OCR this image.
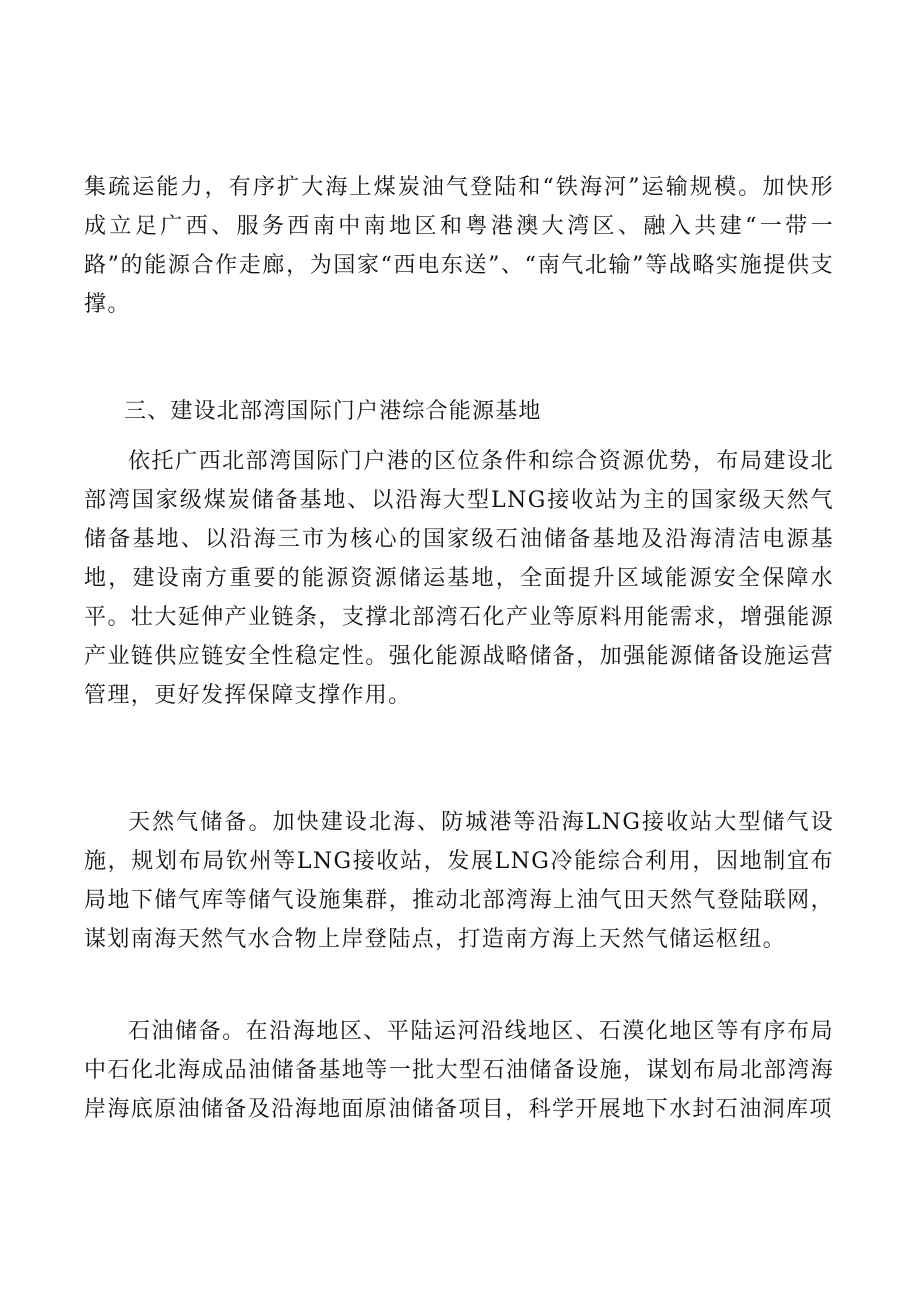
集疏运能力，有序扩大海上煤炭油气登陆和“铁海河”运输规模。加快形成立足广西、服务西南中南地区和粤港澳大湾区、融入共建“一带一路”的能源合作走廊，为国家“西电东送”、“南气北输”等战略实施提供支撑。

三、建设北部湾国际门户港综合能源基地

依托广西北部湾国际门户港的区位条件和综合资源优势，布局建设北部湾国家级煤炭储备基地、以沿海大型LNG接收站为主的国家级天然气储备基地、以沿海三市为核心的国家级石油储备基地及沿海清洁电源基地，建设南方重要的能源资源储运基地，全面提升区域能源安全保障水平。壮大延伸产业链条，支撑北部湾石化产业等原料用能需求，增强能源产业链供应链安全性稳定性。强化能源战略储备，加强能源储备设施运营管理，更好发挥保障支撑作用。

天然气储备。加快建设北海、防城港等沿海LNG接收站大型储气设施，规划布局钦州等LNG接收站，发展LNG冷能综合利用，因地制宜布局地下储气库等储气设施集群，推动北部湾海上油气田天然气登陆联网，谋划南海天然气水合物上岸登陆点，打造南方海上天然气储运枢纽。

石油储备。在沿海地区、平陆运河沿线地区、石漠化地区等有序布局中石化北海成品油储备基地等一批大型石油储备设施，谋划布局北部湾海岸海底原油储备及沿海地面原油储备项目，科学开展地下水封石油洞库项
